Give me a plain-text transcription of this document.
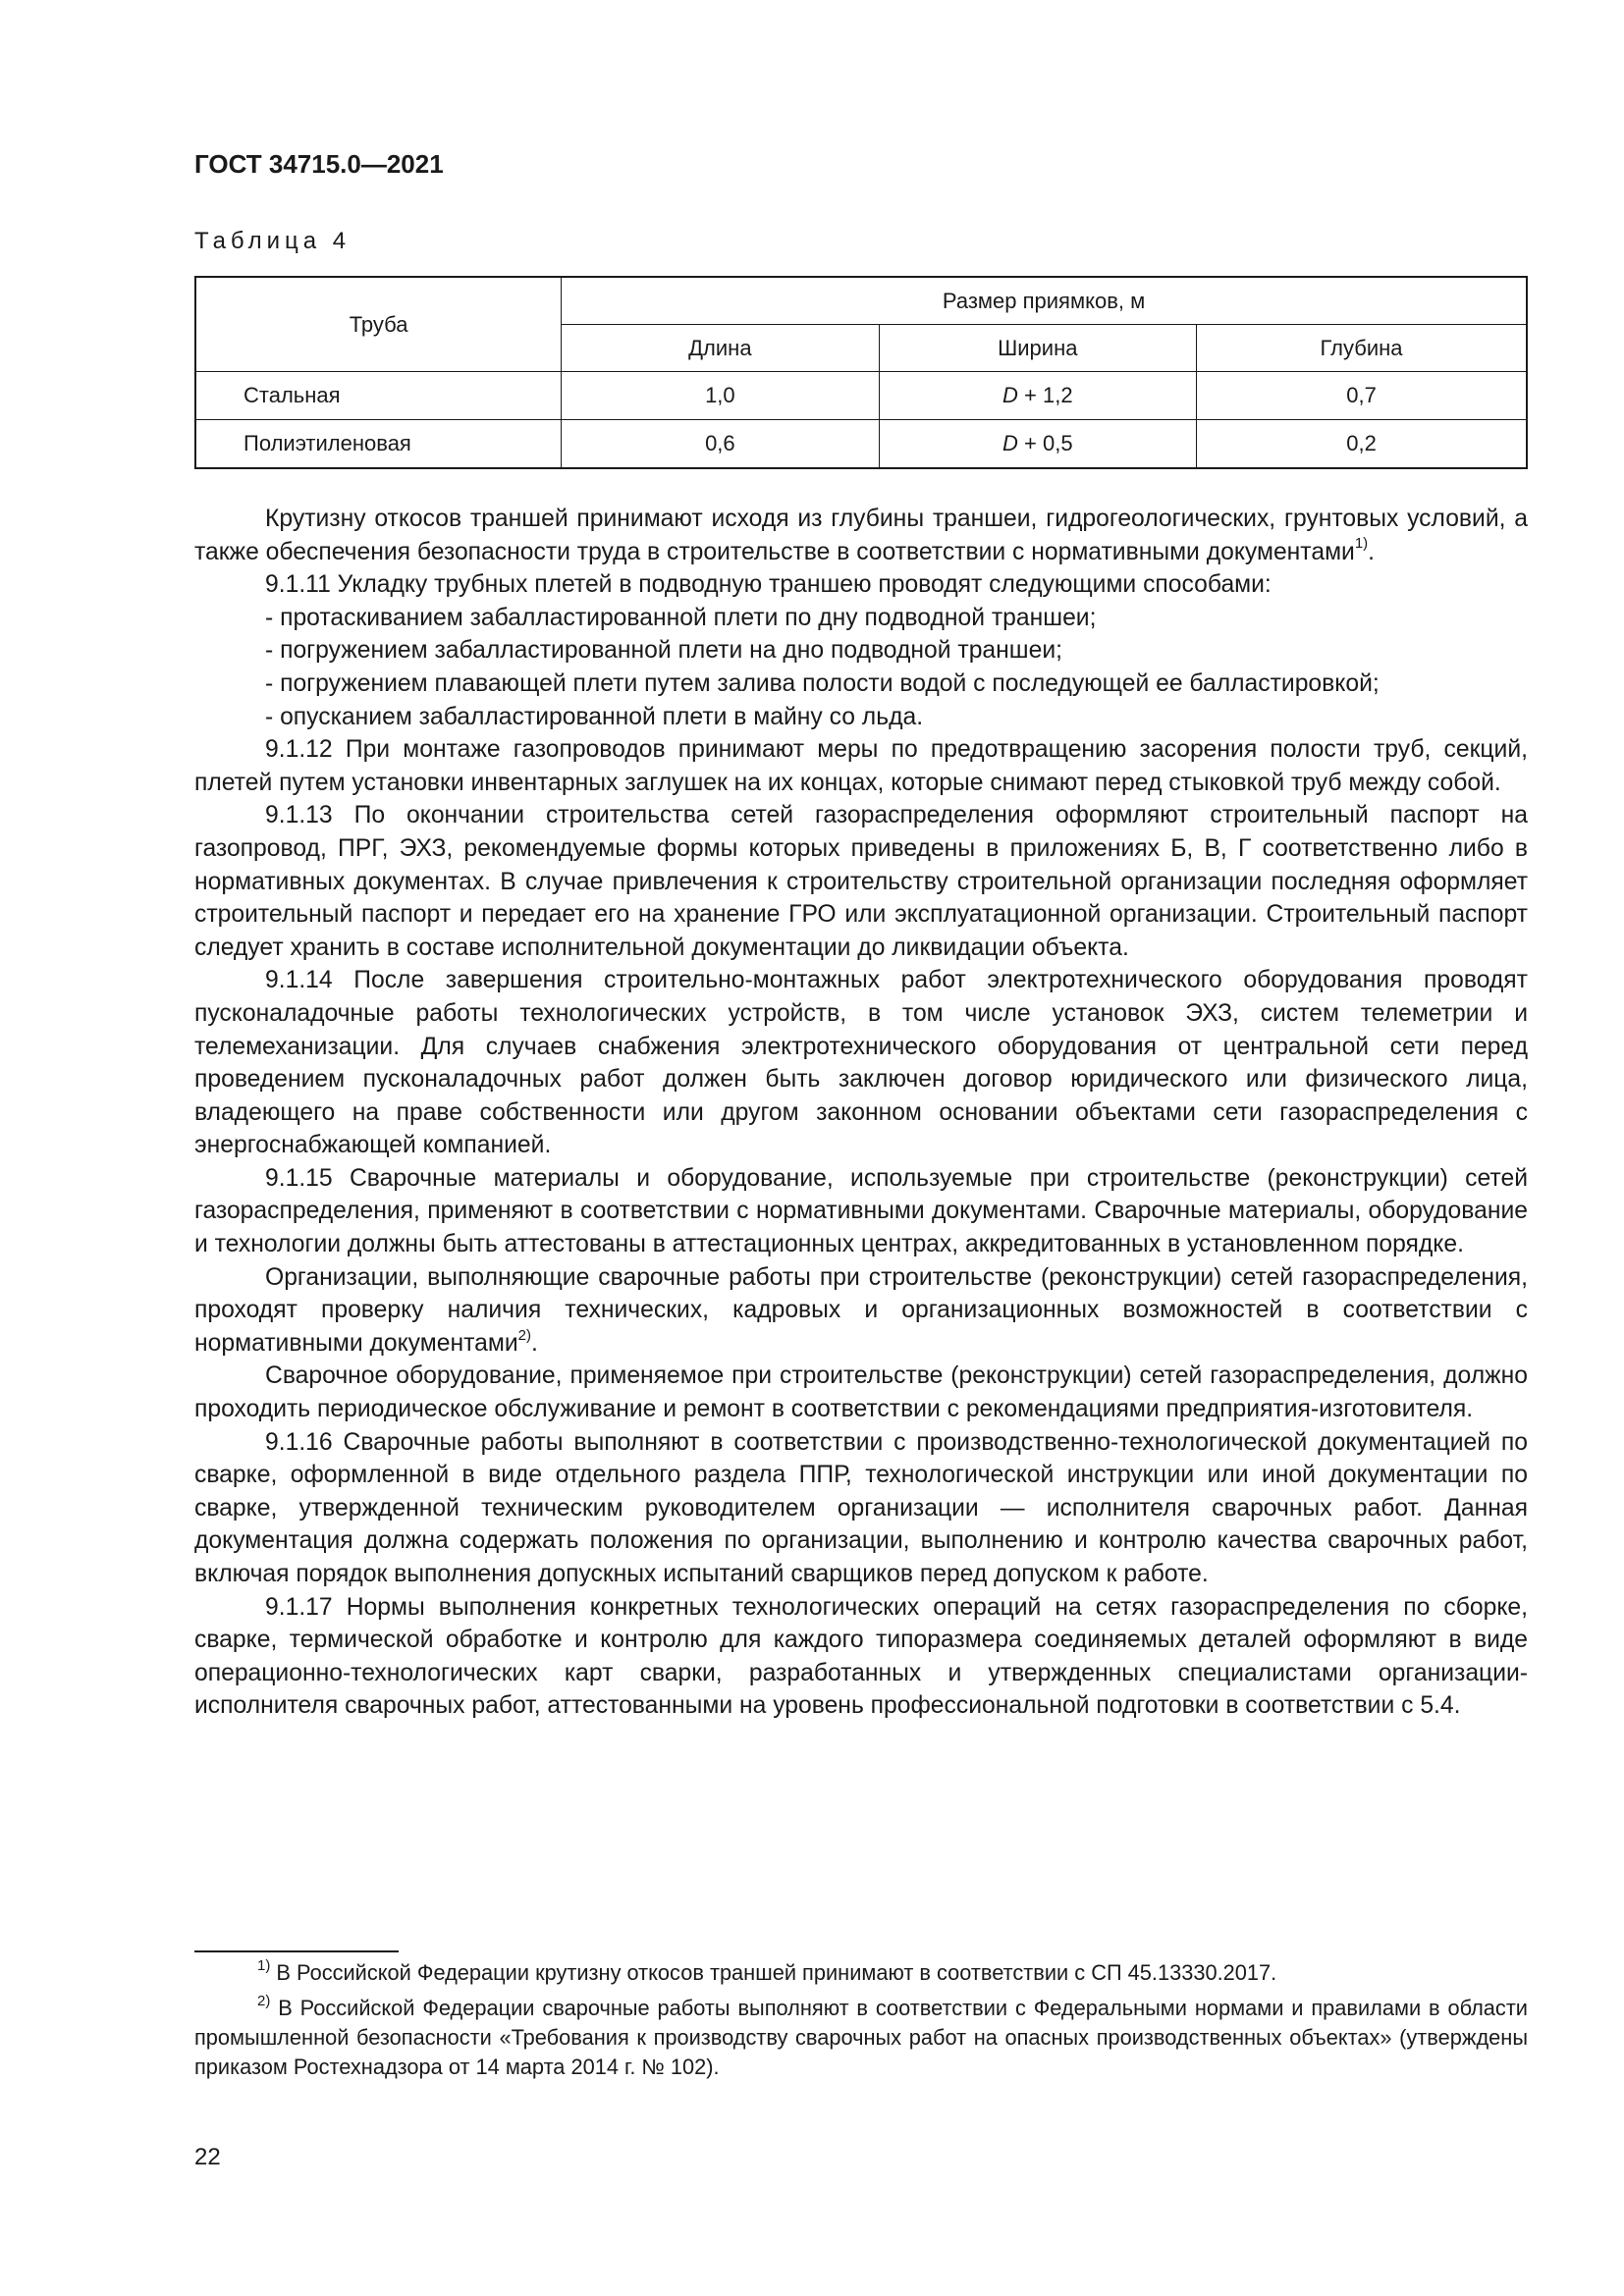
ГОСТ 34715.0—2021
Таблица 4
Труба	Размер приямков, м		
	Длина	Ширина	Глубина
Стальная	1,0	D + 1,2	0,7
Полиэтиленовая	0,6	D + 0,5	0,2

Крутизну откосов траншей принимают исходя из глубины траншеи, гидрогеологических, грунтовых условий, а также обеспечения безопасности труда в строительстве в соответствии с нормативными документами$^{1)}$.

9.1.11 Укладку трубных плетей в подводную траншею проводят следующими способами:

- протаскиванием забалластированной плети по дну подводной траншеи;

- погружением забалластированной плети на дно подводной траншеи;

- погружением плавающей плети путем залива полости водой с последующей ее балластировкой;

- опусканием забалластированной плети в майну со льда.

9.1.12 При монтаже газопроводов принимают меры по предотвращению засорения полости труб, секций, плетей путем установки инвентарных заглушек на их концах, которые снимают перед стыковкой труб между собой.

9.1.13 По окончании строительства сетей газораспределения оформляют строительный паспорт на газопровод, ПРГ, ЭХЗ, рекомендуемые формы которых приведены в приложениях Б, В, Г соответственно либо в нормативных документах. В случае привлечения к строительству строительной организации последняя оформляет строительный паспорт и передает его на хранение ГРО или эксплуатационной организации. Строительный паспорт следует хранить в составе исполнительной документации до ликвидации объекта.

9.1.14 После завершения строительно-монтажных работ электротехнического оборудования проводят пусконаладочные работы технологических устройств, в том числе установок ЭХЗ, систем телеметрии и телемеханизации. Для случаев снабжения электротехнического оборудования от центральной сети перед проведением пусконаладочных работ должен быть заключен договор юридического или физического лица, владеющего на праве собственности или другом законном основании объектами сети газораспределения с энергоснабжающей компанией.

9.1.15 Сварочные материалы и оборудование, используемые при строительстве (реконструкции) сетей газораспределения, применяют в соответствии с нормативными документами. Сварочные материалы, оборудование и технологии должны быть аттестованы в аттестационных центрах, аккредитованных в установленном порядке.

Организации, выполняющие сварочные работы при строительстве (реконструкции) сетей газораспределения, проходят проверку наличия технических, кадровых и организационных возможностей в соответствии с нормативными документами$^{2)}$.

Сварочное оборудование, применяемое при строительстве (реконструкции) сетей газораспределения, должно проходить периодическое обслуживание и ремонт в соответствии с рекомендациями предприятия-изготовителя.

9.1.16 Сварочные работы выполняют в соответствии с производственно-технологической документацией по сварке, оформленной в виде отдельного раздела ППР, технологической инструкции или иной документации по сварке, утвержденной техническим руководителем организации — исполнителя сварочных работ. Данная документация должна содержать положения по организации, выполнению и контролю качества сварочных работ, включая порядок выполнения допускных испытаний сварщиков перед допуском к работе.

9.1.17 Нормы выполнения конкретных технологических операций на сетях газораспределения по сборке, сварке, термической обработке и контролю для каждого типоразмера соединяемых деталей оформляют в виде операционно-технологических карт сварки, разработанных и утвержденных специалистами организации-исполнителя сварочных работ, аттестованными на уровень профессиональной подготовки в соответствии с 5.4.

$^{1)}$ В Российской Федерации крутизну откосов траншей принимают в соответствии с СП 45.13330.2017.

$^{2)}$ В Российской Федерации сварочные работы выполняют в соответствии с Федеральными нормами и правилами в области промышленной безопасности «Требования к производству сварочных работ на опасных производственных объектах» (утверждены приказом Ростехнадзора от 14 марта 2014 г. № 102).

22
